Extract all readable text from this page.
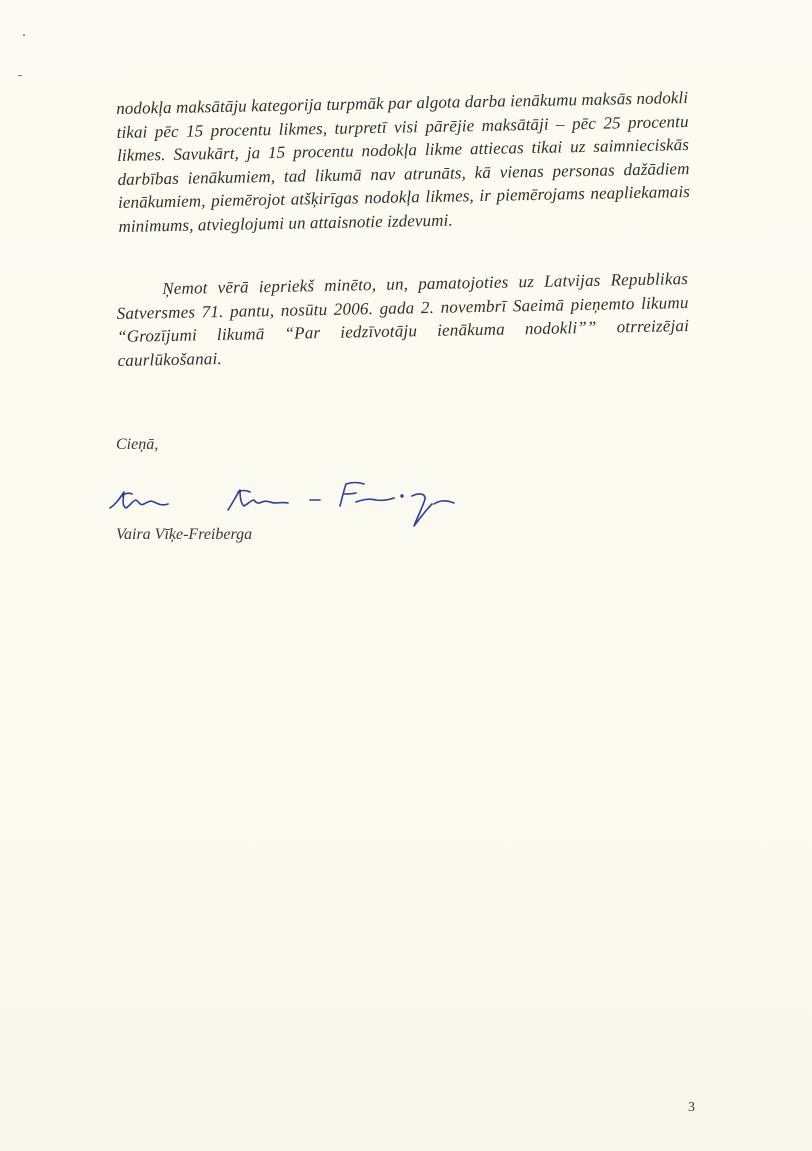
nodokļa maksātāju kategorija turpmāk par algota darba ienākumu maksās nodokli tikai pēc 15 procentu likmes, turpretī visi pārējie maksātāji – pēc 25 procentu likmes. Savukārt, ja 15 procentu nodokļa likme attiecas tikai uz saimnieciskās darbības ienākumiem, tad likumā nav atrunāts, kā vienas personas dažādiem ienākumiem, piemērojot atšķirīgas nodokļa likmes, ir piemērojams neapliekamais minimums, atvieglojumi un attaisnotie izdevumi.
Ņemot vērā iepriekš minēto, un, pamatojoties uz Latvijas Republikas Satversmes 71. pantu, nosūtu 2006. gada 2. novembrī Saeimā pieņemto likumu “Grozījumi likumā “Par iedzīvotāju ienākuma nodokli”” otrreizējai caurlūkošanai.
Cieņā,
Vaira Vīķe-Freiberga
3
